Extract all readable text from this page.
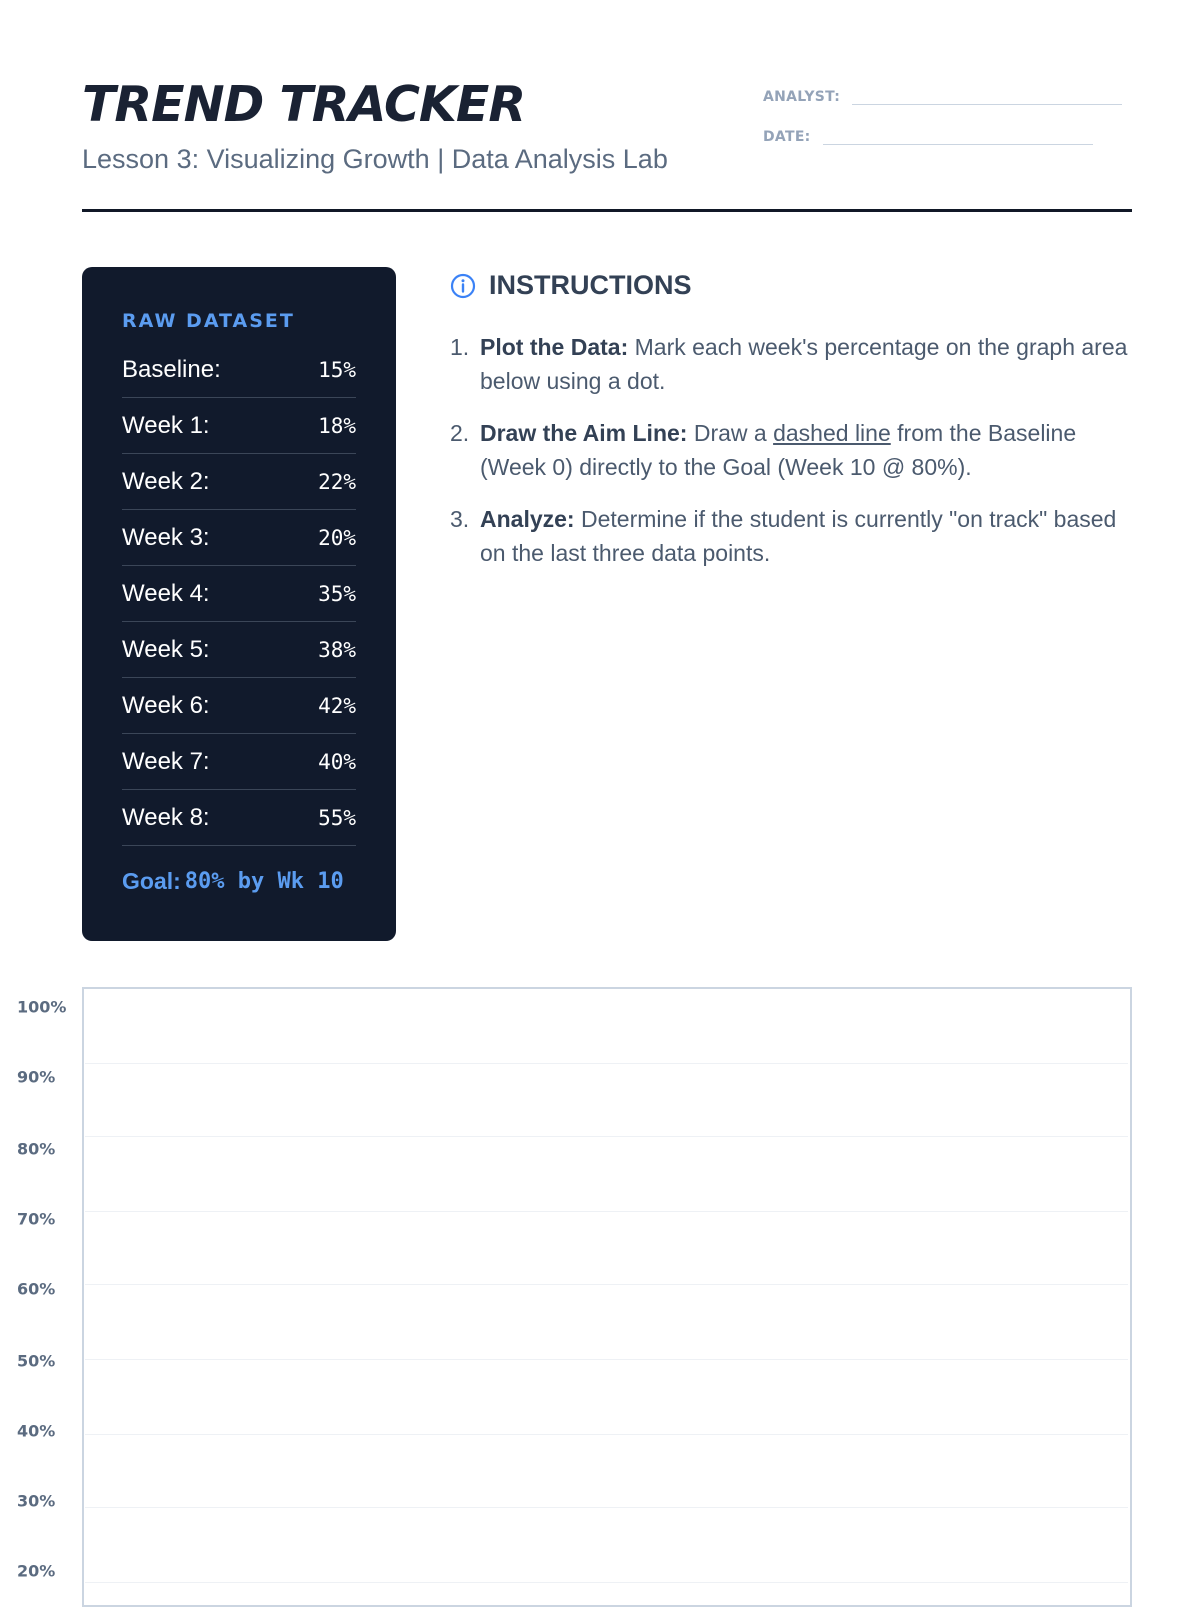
TREND TRACKER
Lesson 3: Visualizing Growth | Data Analysis Lab
ANALYST:
DATE:
RAW DATASET
Baseline:	15%
Week 1:	18%
Week 2:	22%
Week 3:	20%
Week 4:	35%
Week 5:	38%
Week 6:	42%
Week 7:	40%
Week 8:	55%
Goal: 80% by Wk 10
INSTRUCTIONS
1. Plot the Data: Mark each week's percentage on the graph area below using a dot.
2. Draw the Aim Line: Draw a dashed line from the Baseline (Week 0) directly to the Goal (Week 10 @ 80%).
3. Analyze: Determine if the student is currently "on track" based on the last three data points.
100%
90%
80%
70%
60%
50%
40%
30%
20%
